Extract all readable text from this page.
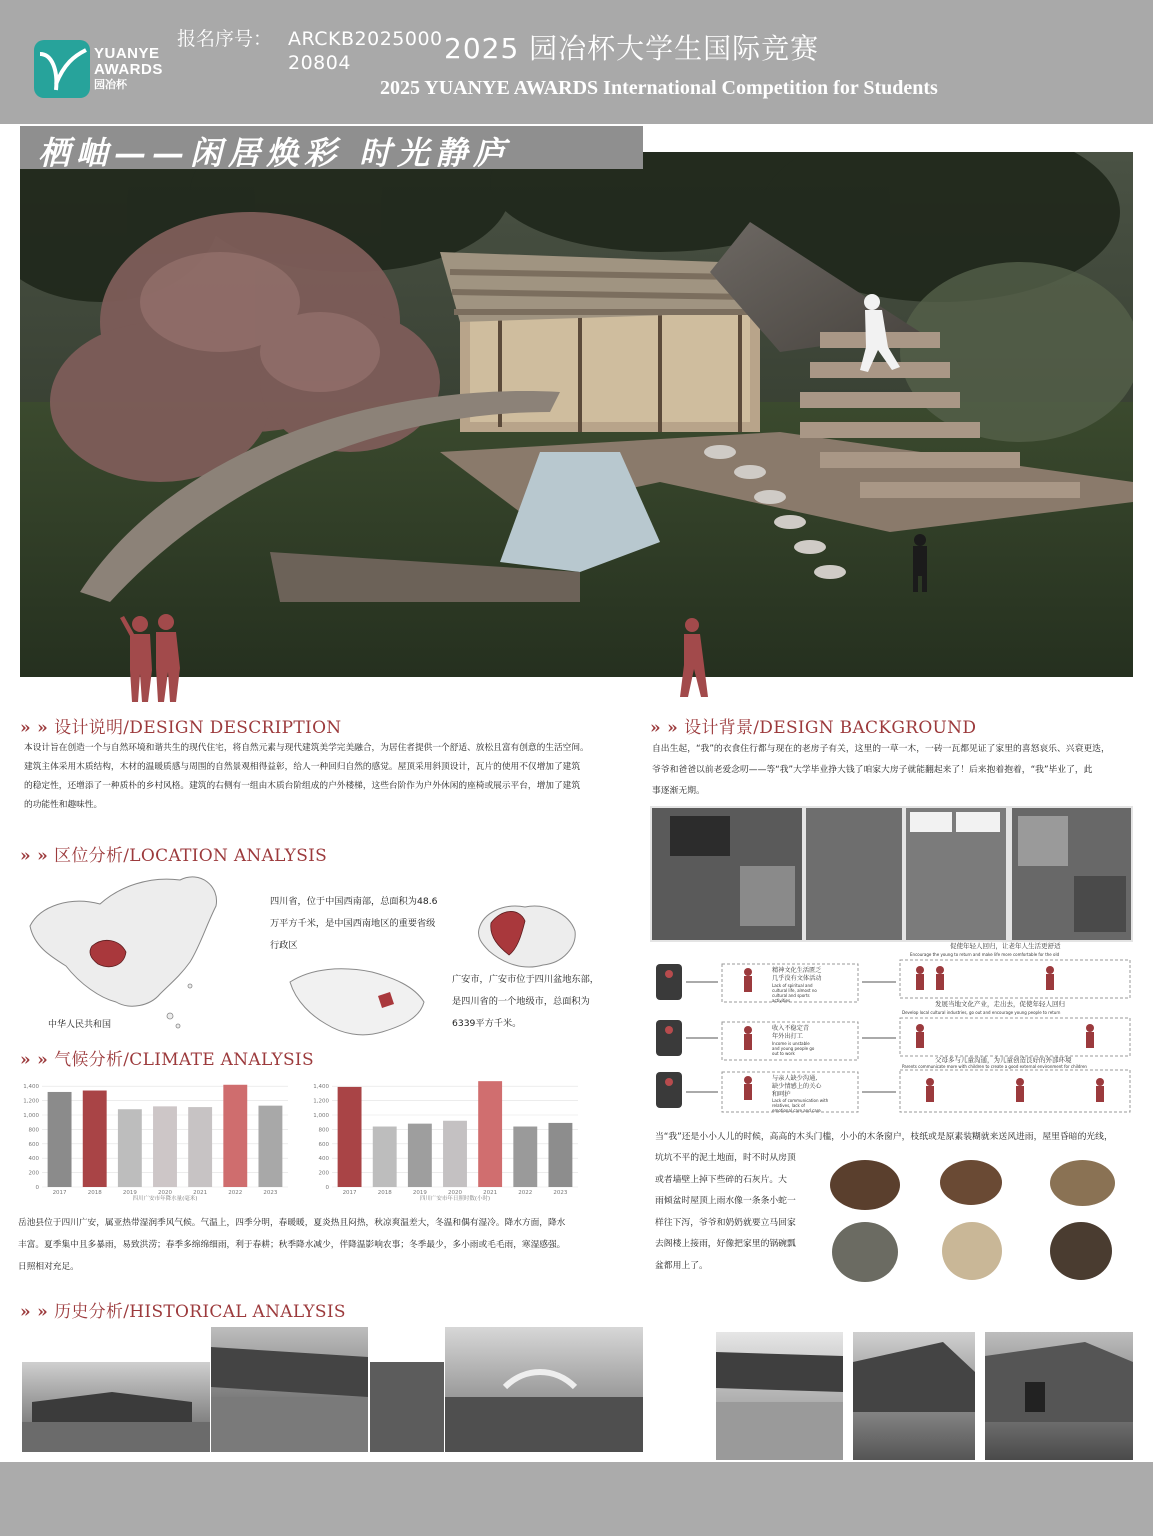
YUANYE
AWARDS
园冶杯
报名序号： ARCKB2025000
20804	2025 园冶杯大学生国际竞赛
2025 YUANYE AWARDS International Competition for Students
栖岫——闲居焕彩 时光静庐
» » 设计说明/DESIGN DESCRIPTION
本设计旨在创造一个与自然环境和谐共生的现代住宅，将自然元素与现代建筑美学完美融合，为居住者提供一个舒适、放松且富有创意的生活空间。
建筑主体采用木质结构，木材的温暖质感与周围的自然景观相得益彰，给人一种回归自然的感觉。屋顶采用斜顶设计，瓦片的使用不仅增加了建筑
的稳定性，还增添了一种质朴的乡村风格。建筑的右侧有一组由木质台阶组成的户外楼梯，这些台阶作为户外休闲的座椅或展示平台，增加了建筑
的功能性和趣味性。
» » 区位分析/LOCATION ANALYSIS
中华人民共和国
四川省，位于中国西南部，总面积为48.6
万平方千米，是中国西南地区的重要省级
行政区
广安市，广安市位于四川盆地东部，
是四川省的一个地级市，总面积为
6339平方千米。
» » 气候分析/CLIMATE ANALYSIS
0
200
400
600
800
1,000
1,200
1,400
2017	2018	2019	2020	2021	2022	2023
四川广安市年降水量(毫米)
0
200
400
600
800
1,000
1,200
1,400
2017	2018	2019	2020	2021	2022	2023
四川广安市年日照时数(小时)
岳池县位于四川广安，属亚热带湿润季风气候。气温上，四季分明，春暖暖，夏炎热且闷热，秋凉爽温差大，冬温和偶有湿冷。降水方面，降水
丰富。夏季集中且多暴雨，易致洪涝；春季多绵绵细雨，利于春耕；秋季降水减少，伴降温影响农事；冬季最少，多小雨或毛毛雨，寒湿感强。
日照相对充足。
» » 历史分析/HISTORICAL ANALYSIS
» » 设计背景/DESIGN BACKGROUND
自出生起，“我”的衣食住行都与现在的老房子有关，这里的一草一木，一砖一瓦都见证了家里的喜怒哀乐、兴衰更迭，
爷爷和爸爸以前老爱念叨——等“我”大学毕业挣大钱了咱家大房子就能翻起来了！后来抱着抱着，“我”毕业了，此
事逐渐无期。
促使年轻人回归，让老年人生活更舒适
Encourage the young to return and make life more comfortable for the old
发展当地文化产业，走出去，促使年轻人回归
Develop local cultural industries, go out and encourage young people to return
父母多与儿童沟通，为儿童创造良好的外部环境
Parents communicate more with children to create a good external environment for children
精神文化生活匮乏
几乎没有文体活动
Lack of spiritual and
cultural life, almost no
cultural and sports
activities
收入不稳定青
年外出打工
Income is unstable
and young people go
out to work
与亲人缺少沟通,
缺少情感上的关心
和呵护
Lack of communication with
relatives, lack of
emotional care and care
当“我”还是小小人儿的时候，高高的木头门槛，小小的木条窗户，枝纸或是原素装糊就来送风进雨，屋里昏暗的光线，
坑坑不平的泥土地面，时不时从房顶
或者墙壁上掉下些碎的石灰片。大
雨倾盆时屋顶上雨水像一条条小蛇一
样往下泻，爷爷和奶奶就要立马回家
去阁楼上接雨，好像把家里的锅碗瓢
盆都用上了。
